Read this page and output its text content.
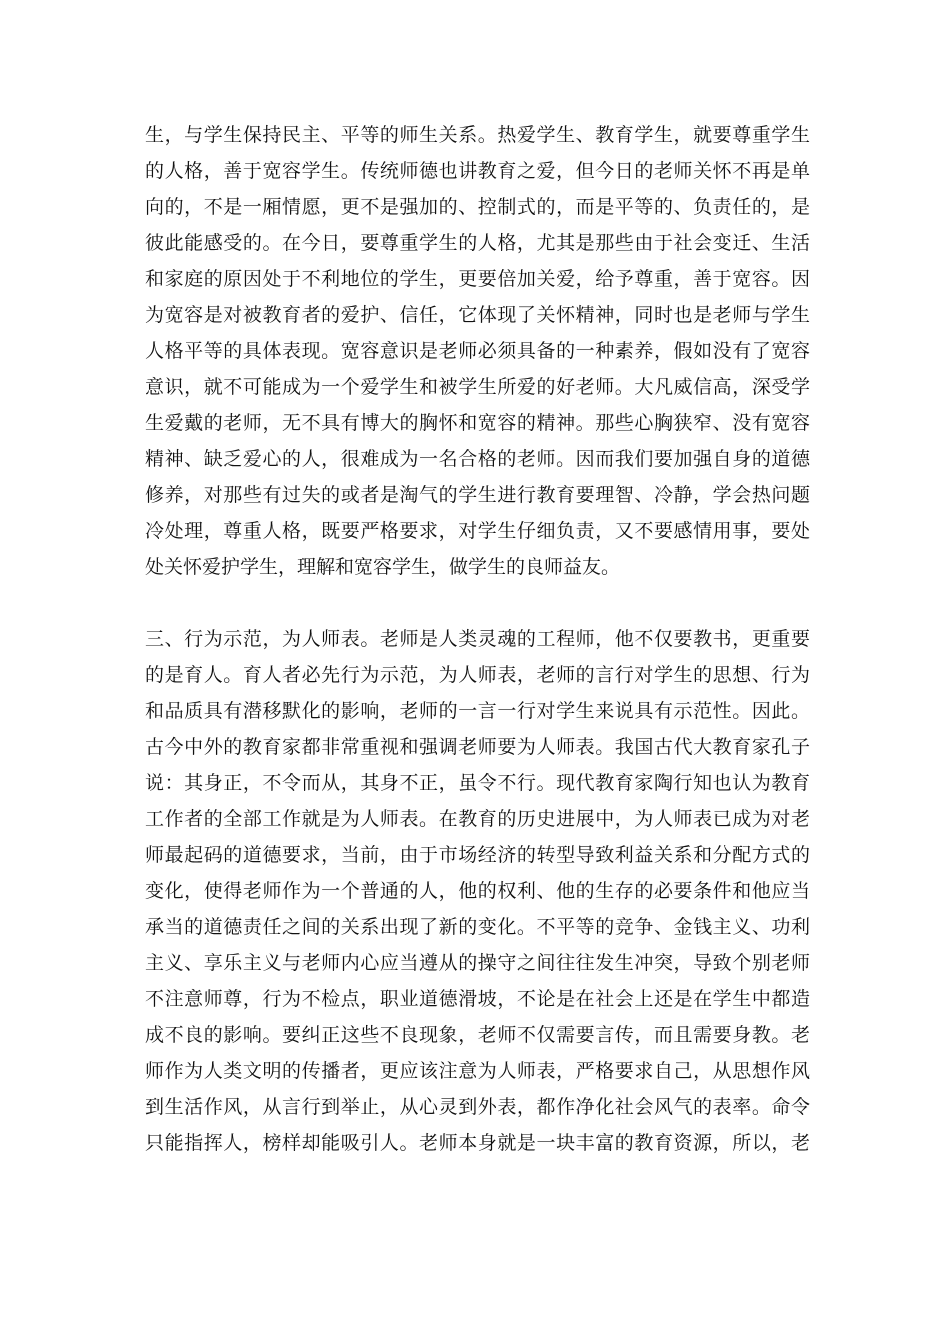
生，与学生保持民主、平等的师生关系。热爱学生、教育学生，就要尊重学生
的人格，善于宽容学生。传统师德也讲教育之爱，但今日的老师关怀不再是单
向的，不是一厢情愿，更不是强加的、控制式的，而是平等的、负责任的，是
彼此能感受的。在今日，要尊重学生的人格，尤其是那些由于社会变迁、生活
和家庭的原因处于不利地位的学生，更要倍加关爱，给予尊重，善于宽容。因
为宽容是对被教育者的爱护、信任，它体现了关怀精神，同时也是老师与学生
人格平等的具体表现。宽容意识是老师必须具备的一种素养，假如没有了宽容
意识，就不可能成为一个爱学生和被学生所爱的好老师。大凡威信高，深受学
生爱戴的老师，无不具有博大的胸怀和宽容的精神。那些心胸狭窄、没有宽容
精神、缺乏爱心的人，很难成为一名合格的老师。因而我们要加强自身的道德
修养，对那些有过失的或者是淘气的学生进行教育要理智、冷静，学会热问题
冷处理，尊重人格，既要严格要求，对学生仔细负责，又不要感情用事，要处
处关怀爱护学生，理解和宽容学生，做学生的良师益友。
三、行为示范，为人师表。老师是人类灵魂的工程师，他不仅要教书，更重要
的是育人。育人者必先行为示范，为人师表，老师的言行对学生的思想、行为
和品质具有潜移默化的影响，老师的一言一行对学生来说具有示范性。因此。
古今中外的教育家都非常重视和强调老师要为人师表。我国古代大教育家孔子
说：其身正，不令而从，其身不正，虽令不行。现代教育家陶行知也认为教育
工作者的全部工作就是为人师表。在教育的历史进展中，为人师表已成为对老
师最起码的道德要求，当前，由于市场经济的转型导致利益关系和分配方式的
变化，使得老师作为一个普通的人，他的权利、他的生存的必要条件和他应当
承当的道德责任之间的关系出现了新的变化。不平等的竞争、金钱主义、功利
主义、享乐主义与老师内心应当遵从的操守之间往往发生冲突，导致个别老师
不注意师尊，行为不检点，职业道德滑坡，不论是在社会上还是在学生中都造
成不良的影响。要纠正这些不良现象，老师不仅需要言传，而且需要身教。老
师作为人类文明的传播者，更应该注意为人师表，严格要求自己，从思想作风
到生活作风，从言行到举止，从心灵到外表，都作净化社会风气的表率。命令
只能指挥人，榜样却能吸引人。老师本身就是一块丰富的教育资源，所以，老
